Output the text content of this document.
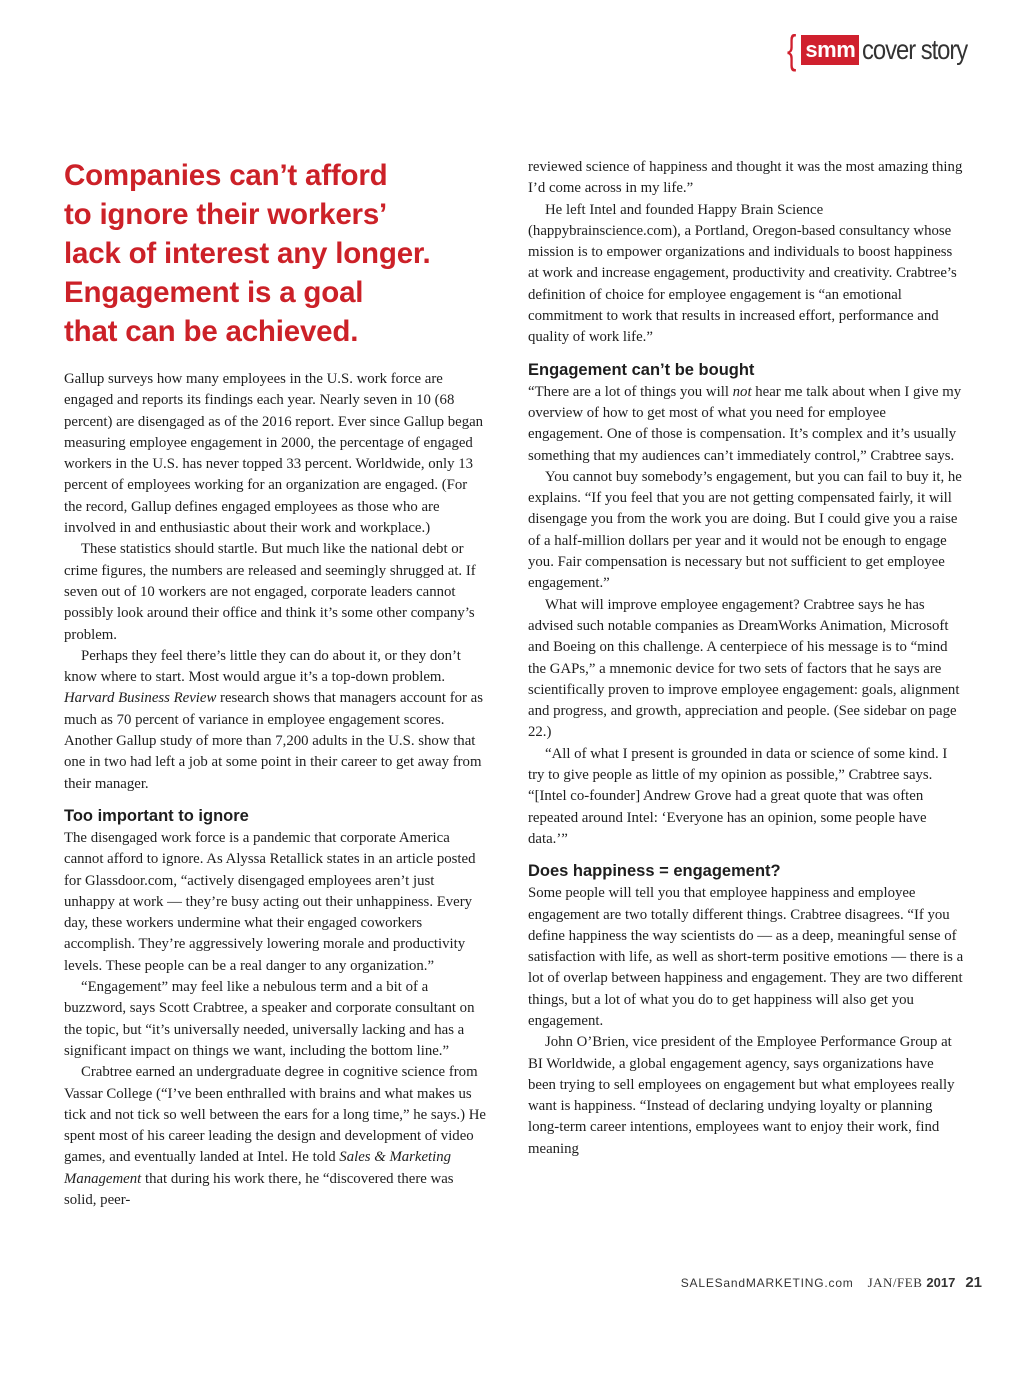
{ smm cover story
Companies can’t afford
to ignore their workers’
lack of interest any longer.
Engagement is a goal
that can be achieved.

Gallup surveys how many employees in the U.S. work force are engaged and reports its findings each year. Nearly seven in 10 (68 percent) are disengaged as of the 2016 report. Ever since Gallup began measuring employee engagement in 2000, the percentage of engaged workers in the U.S. has never topped 33 percent. Worldwide, only 13 percent of employees working for an organization are engaged. (For the record, Gallup defines engaged employees as those who are involved in and enthusiastic about their work and workplace.)

These statistics should startle. But much like the national debt or crime figures, the numbers are released and seemingly shrugged at. If seven out of 10 workers are not engaged, corporate leaders cannot possibly look around their office and think it’s some other company’s problem.

Perhaps they feel there’s little they can do about it, or they don’t know where to start. Most would argue it’s a top-down problem. Harvard Business Review research shows that managers account for as much as 70 percent of variance in employee engagement scores. Another Gallup study of more than 7,200 adults in the U.S. show that one in two had left a job at some point in their career to get away from their manager.

Too important to ignore

The disengaged work force is a pandemic that corporate America cannot afford to ignore. As Alyssa Retallick states in an article posted for Glassdoor.com, “actively disengaged employees aren’t just unhappy at work — they’re busy acting out their unhappiness. Every day, these workers undermine what their engaged coworkers accomplish. They’re aggressively lowering morale and productivity levels. These people can be a real danger to any organization.”

“Engagement” may feel like a nebulous term and a bit of a buzzword, says Scott Crabtree, a speaker and corporate consultant on the topic, but “it’s universally needed, universally lacking and has a significant impact on things we want, including the bottom line.”

Crabtree earned an undergraduate degree in cognitive science from Vassar College (“I’ve been enthralled with brains and what makes us tick and not tick so well between the ears for a long time,” he says.) He spent most of his career leading the design and development of video games, and eventually landed at Intel. He told Sales & Marketing Management that during his work there, he “discovered there was solid, peer-

reviewed science of happiness and thought it was the most amazing thing I’d come across in my life.”

He left Intel and founded Happy Brain Science (happybrainscience.com), a Portland, Oregon-based consultancy whose mission is to empower organizations and individuals to boost happiness at work and increase engagement, productivity and creativity. Crabtree’s definition of choice for employee engagement is “an emotional commitment to work that results in increased effort, performance and quality of work life.”

Engagement can’t be bought

“There are a lot of things you will not hear me talk about when I give my overview of how to get most of what you need for employee engagement. One of those is compensation. It’s complex and it’s usually something that my audiences can’t immediately control,” Crabtree says.

You cannot buy somebody’s engagement, but you can fail to buy it, he explains. “If you feel that you are not getting compensated fairly, it will disengage you from the work you are doing. But I could give you a raise of a half-million dollars per year and it would not be enough to engage you. Fair compensation is necessary but not sufficient to get employee engagement.”

What will improve employee engagement? Crabtree says he has advised such notable companies as DreamWorks Animation, Microsoft and Boeing on this challenge. A centerpiece of his message is to “mind the GAPs,” a mnemonic device for two sets of factors that he says are scientifically proven to improve employee engagement: goals, alignment and progress, and growth, appreciation and people. (See sidebar on page 22.)

“All of what I present is grounded in data or science of some kind. I try to give people as little of my opinion as possible,” Crabtree says. “[Intel co-founder] Andrew Grove had a great quote that was often repeated around Intel: ‘Everyone has an opinion, some people have data.’”

Does happiness = engagement?

Some people will tell you that employee happiness and employee engagement are two totally different things. Crabtree disagrees. “If you define happiness the way scientists do — as a deep, meaningful sense of satisfaction with life, as well as short-term positive emotions — there is a lot of overlap between happiness and engagement. They are two different things, but a lot of what you do to get happiness will also get you engagement.

John O’Brien, vice president of the Employee Performance Group at BI Worldwide, a global engagement agency, says organizations have been trying to sell employees on engagement but what employees really want is happiness. “Instead of declaring undying loyalty or planning long-term career intentions, employees want to enjoy their work, find meaning

SALESandMARKETING.com JAN/FEB 2017 21
